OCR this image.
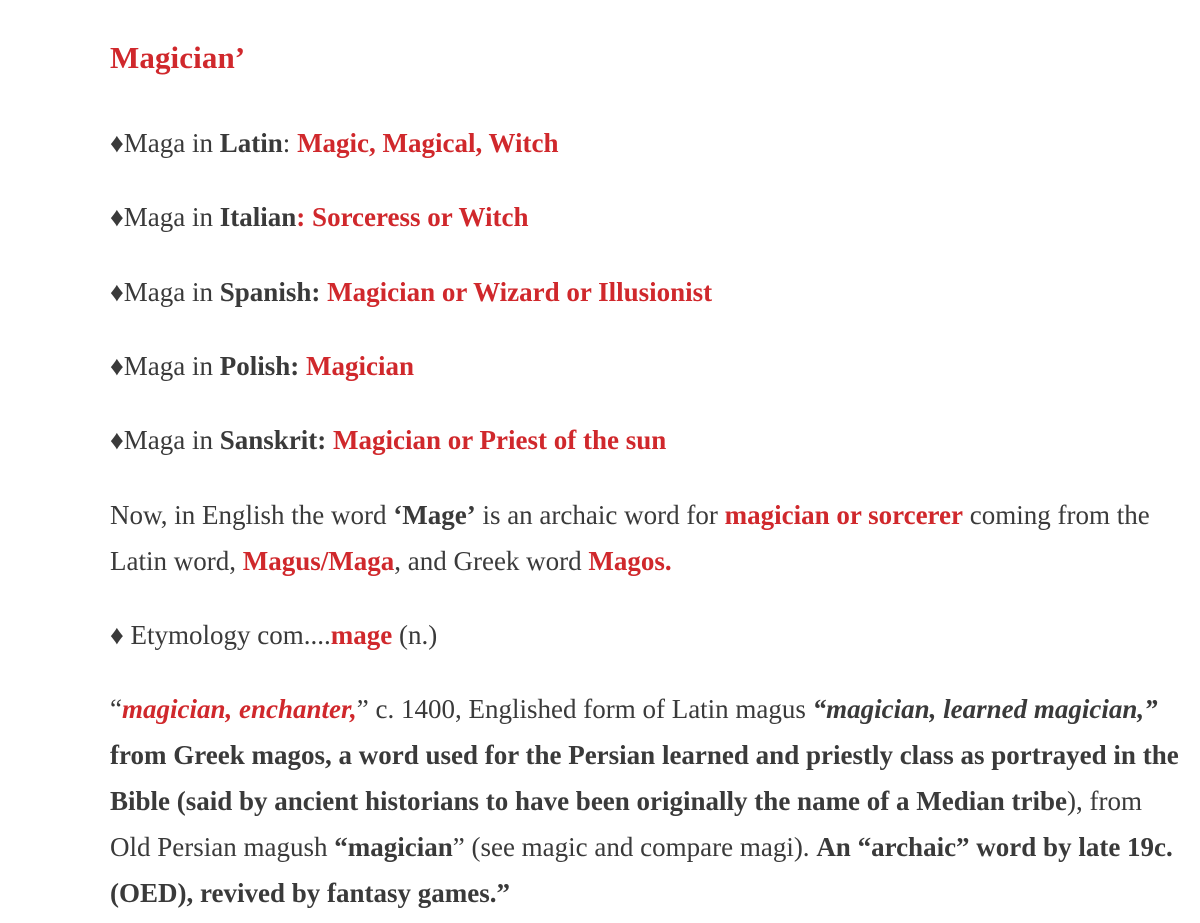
Magician’

♦Maga in Latin: Magic, Magical, Witch

♦Maga in Italian: Sorceress or Witch

♦Maga in Spanish: Magician or Wizard or Illusionist

♦Maga in Polish: Magician

♦Maga in Sanskrit: Magician or Priest of the sun

Now, in English the word ‘Mage’ is an archaic word for magician or sorcerer coming from the Latin word, Magus/Maga, and Greek word Magos.

♦ Etymology com....mage (n.)

“magician, enchanter,” c. 1400, Englished form of Latin magus “magician, learned magician,” from Greek magos, a word used for the Persian learned and priestly class as portrayed in the Bible (said by ancient historians to have been originally the name of a Median tribe), from Old Persian magush “magician” (see magic and compare magi). An “archaic” word by late 19c. (OED), revived by fantasy games.”
